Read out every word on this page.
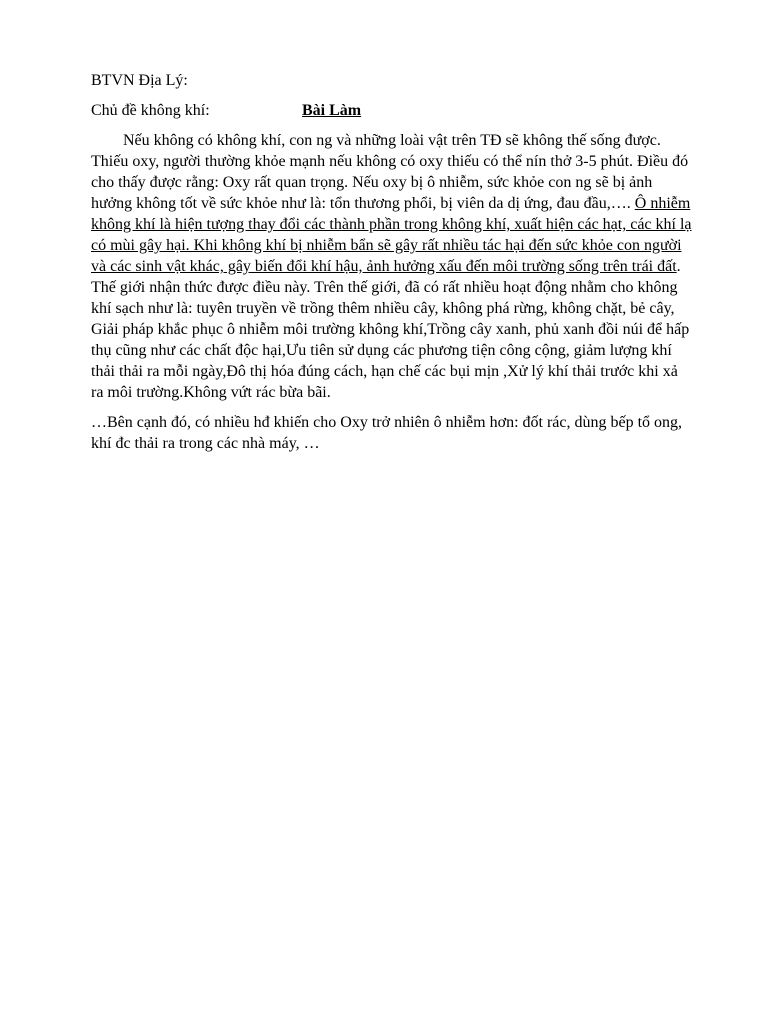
BTVN Địa Lý:

Chủ đề không khí:	Bài Làm

Nếu không có không khí, con ng và những loài vật trên TĐ sẽ không thế sống được. Thiếu oxy, người thường khỏe mạnh nếu không có oxy thiếu có thể nín thở 3-5 phút. Điều đó cho thấy được rằng: Oxy rất quan trọng. Nếu oxy bị ô nhiễm, sức khỏe con ng sẽ bị ảnh hưởng không tốt về sức khỏe như là: tổn thương phổi, bị viên da dị ứng, đau đầu,…. Ô nhiễm không khí là hiện tượng thay đổi các thành phần trong không khí, xuất hiện các hạt, các khí lạ có mùi gây hại. Khi không khí bị nhiễm bẩn sẽ gây rất nhiều tác hại đến sức khỏe con người và các sinh vật khác, gây biến đổi khí hậu, ảnh hưởng xấu đến môi trường sống trên trái đất. Thế giới nhận thức được điều này. Trên thế giới, đã có rất nhiều hoạt động nhằm cho không khí sạch như là: tuyên truyền về trồng thêm nhiều cây, không phá rừng, không chặt, bẻ cây, Giải pháp khắc phục ô nhiễm môi trường không khí,Trồng cây xanh, phủ xanh đồi núi để hấp thụ cũng như các chất độc hại,Ưu tiên sử dụng các phương tiện công cộng, giảm lượng khí thải thải ra mỗi ngày,Đô thị hóa đúng cách, hạn chế các bụi mịn ,Xử lý khí thải trước khi xả ra môi trường.Không vứt rác bừa bãi.

…Bên cạnh đó, có nhiều hđ khiến cho Oxy trở nhiên ô nhiễm hơn: đốt rác, dùng bếp tổ ong, khí đc thải ra trong các nhà máy, …
